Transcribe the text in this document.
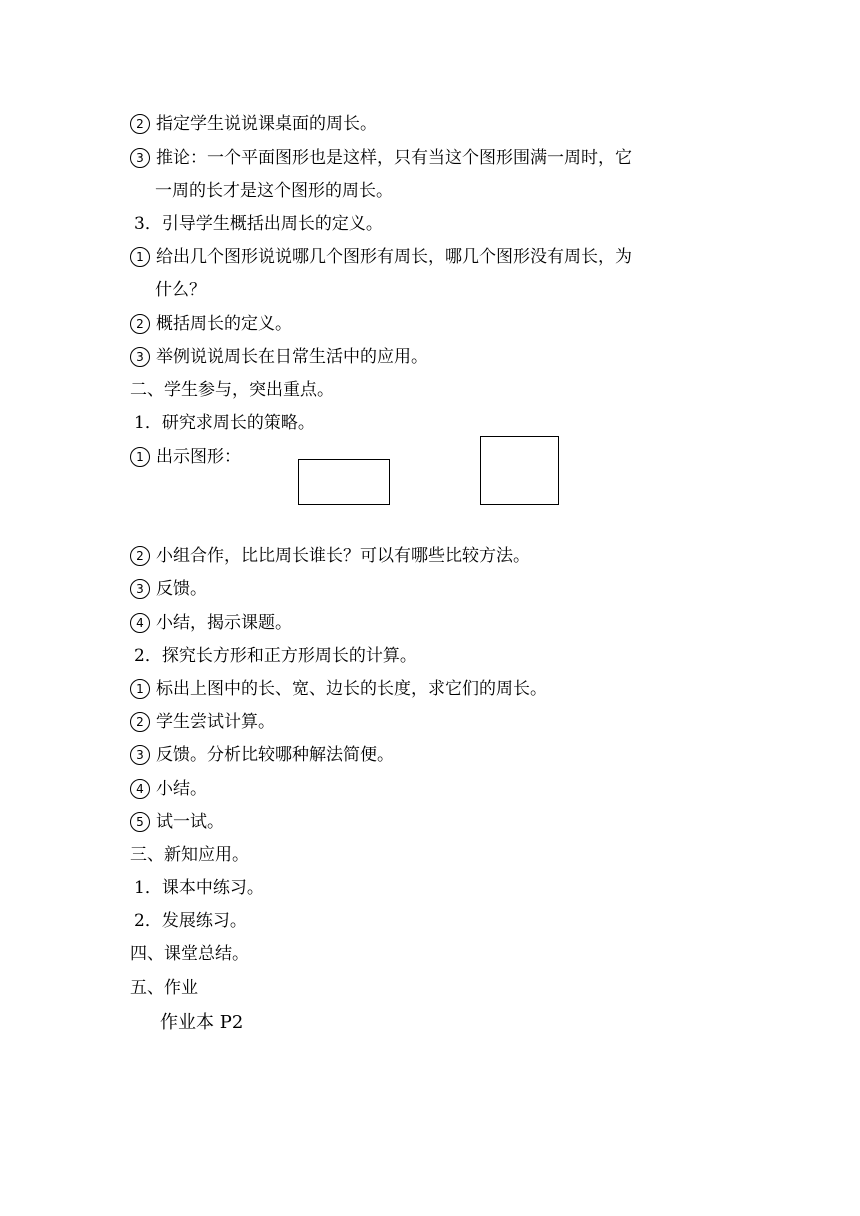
2 指定学生说说课桌面的周长。
3 推论：一个平面图形也是这样，只有当这个图形围满一周时，它
一周的长才是这个图形的周长。
3．引导学生概括出周长的定义。
1 给出几个图形说说哪几个图形有周长，哪几个图形没有周长，为
什么？
2 概括周长的定义。
3 举例说说周长在日常生活中的应用。
二、学生参与，突出重点。
1．研究求周长的策略。
1 出示图形：
2 小组合作，比比周长谁长？可以有哪些比较方法。
3 反馈。
4 小结，揭示课题。
2．探究长方形和正方形周长的计算。
1 标出上图中的长、宽、边长的长度，求它们的周长。
2 学生尝试计算。
3 反馈。分析比较哪种解法简便。
4 小结。
5 试一试。
三、新知应用。
1．课本中练习。
2．发展练习。
四、课堂总结。
五、作业
作业本 P2
